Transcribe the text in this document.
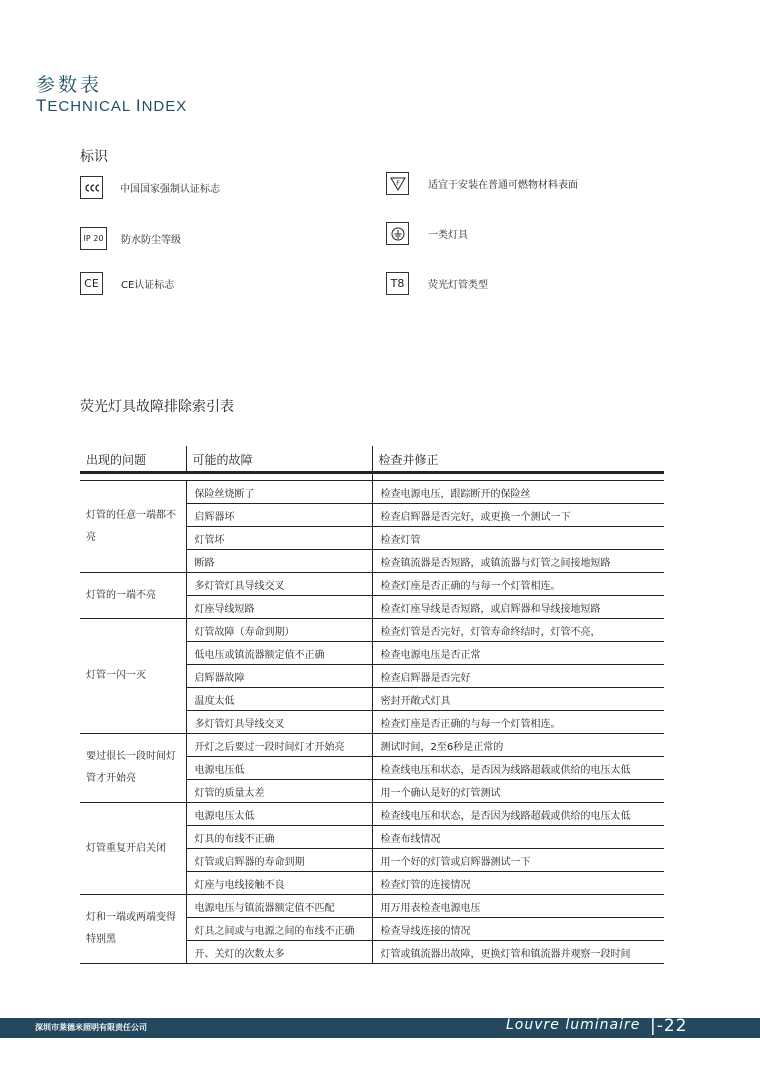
参数表
TECHNICAL INDEX
标识
中国国家强制认证标志
F	适宜于安装在普通可燃物材料表面
IP 20	防水防尘等级	一类灯具
CE	CE认证标志	T8	荧光灯管类型
荧光灯具故障排除索引表
出现的问题	可能的故障	检查并修正

灯管的任意一端都不亮	保险丝烧断了	检查电源电压，跟踪断开的保险丝
	启辉器坏	检查启辉器是否完好，或更换一个测试一下
	灯管坏	检查灯管
	断路	检查镇流器是否短路，或镇流器与灯管之间接地短路
灯管的一端不亮	多灯管灯具导线交叉	检查灯座是否正确的与每一个灯管相连。
	灯座导线短路	检查灯座导线是否短路，或启辉器和导线接地短路
灯管一闪一灭	灯管故障（寿命到期）	检查灯管是否完好，灯管寿命终结时，灯管不亮，
	低电压或镇流器额定值不正确	检查电源电压是否正常
	启辉器故障	检查启辉器是否完好
	温度太低	密封开敞式灯具
	多灯管灯具导线交叉	检查灯座是否正确的与每一个灯管相连。
要过很长一段时间灯管才开始亮	开灯之后要过一段时间灯才开始亮	测试时间，2至6秒是正常的
	电源电压低	检查线电压和状态，是否因为线路超载或供给的电压太低
	灯管的质量太差	用一个确认是好的灯管测试
灯管重复开启关闭	电源电压太低	检查线电压和状态，是否因为线路超载或供给的电压太低
	灯具的布线不正确	检查布线情况
	灯管或启辉器的寿命到期	用一个好的灯管或启辉器测试一下
	灯座与电线接触不良	检查灯管的连接情况
灯和一端或两端变得特别黑	电源电压与镇流器额定值不匹配	用万用表检查电源电压
	灯具之间或与电源之间的布线不正确	检查导线连接的情况
	开、关灯的次数太多	灯管或镇流器出故障，更换灯管和镇流器并观察一段时间
深圳市莱德米照明有限责任公司	Louvre luminaire |-22
